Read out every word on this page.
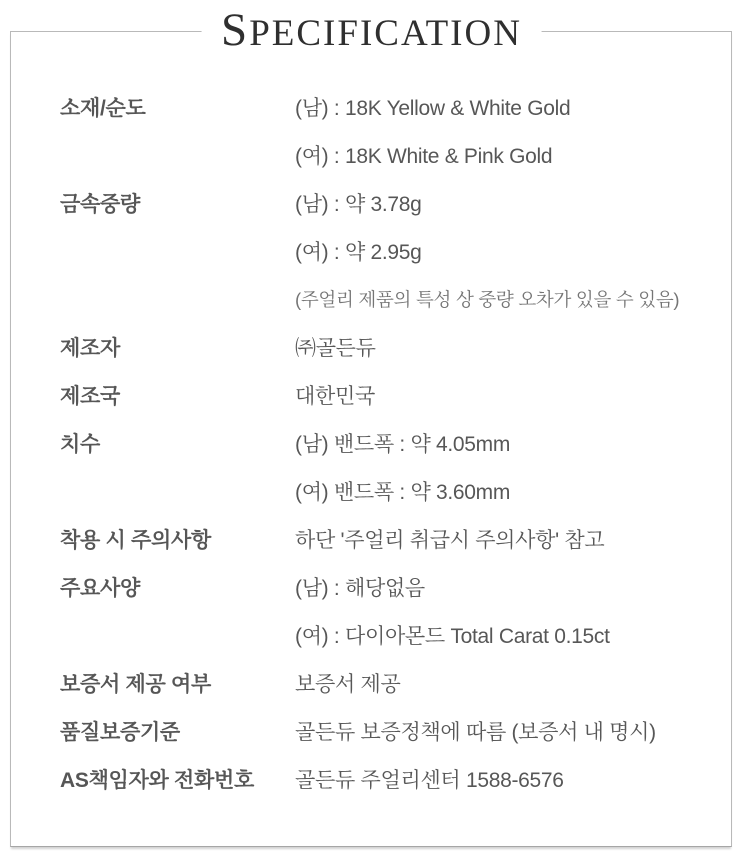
SPECIFICATION
소재/순도	(남) : 18K Yellow & White Gold
(여) : 18K White & Pink Gold
금속중량	(남) : 약 3.78g
(여) : 약 2.95g
(주얼리 제품의 특성 상 중량 오차가 있을 수 있음)
제조자	㈜골든듀
제조국	대한민국
치수	(남) 밴드폭 : 약 4.05mm
(여) 밴드폭 : 약 3.60mm
착용 시 주의사항	하단 '주얼리 취급시 주의사항' 참고
주요사양	(남) : 해당없음
(여) : 다이아몬드 Total Carat 0.15ct
보증서 제공 여부	보증서 제공
품질보증기준	골든듀 보증정책에 따름 (보증서 내 명시)
AS책임자와 전화번호	골든듀 주얼리센터 1588-6576
